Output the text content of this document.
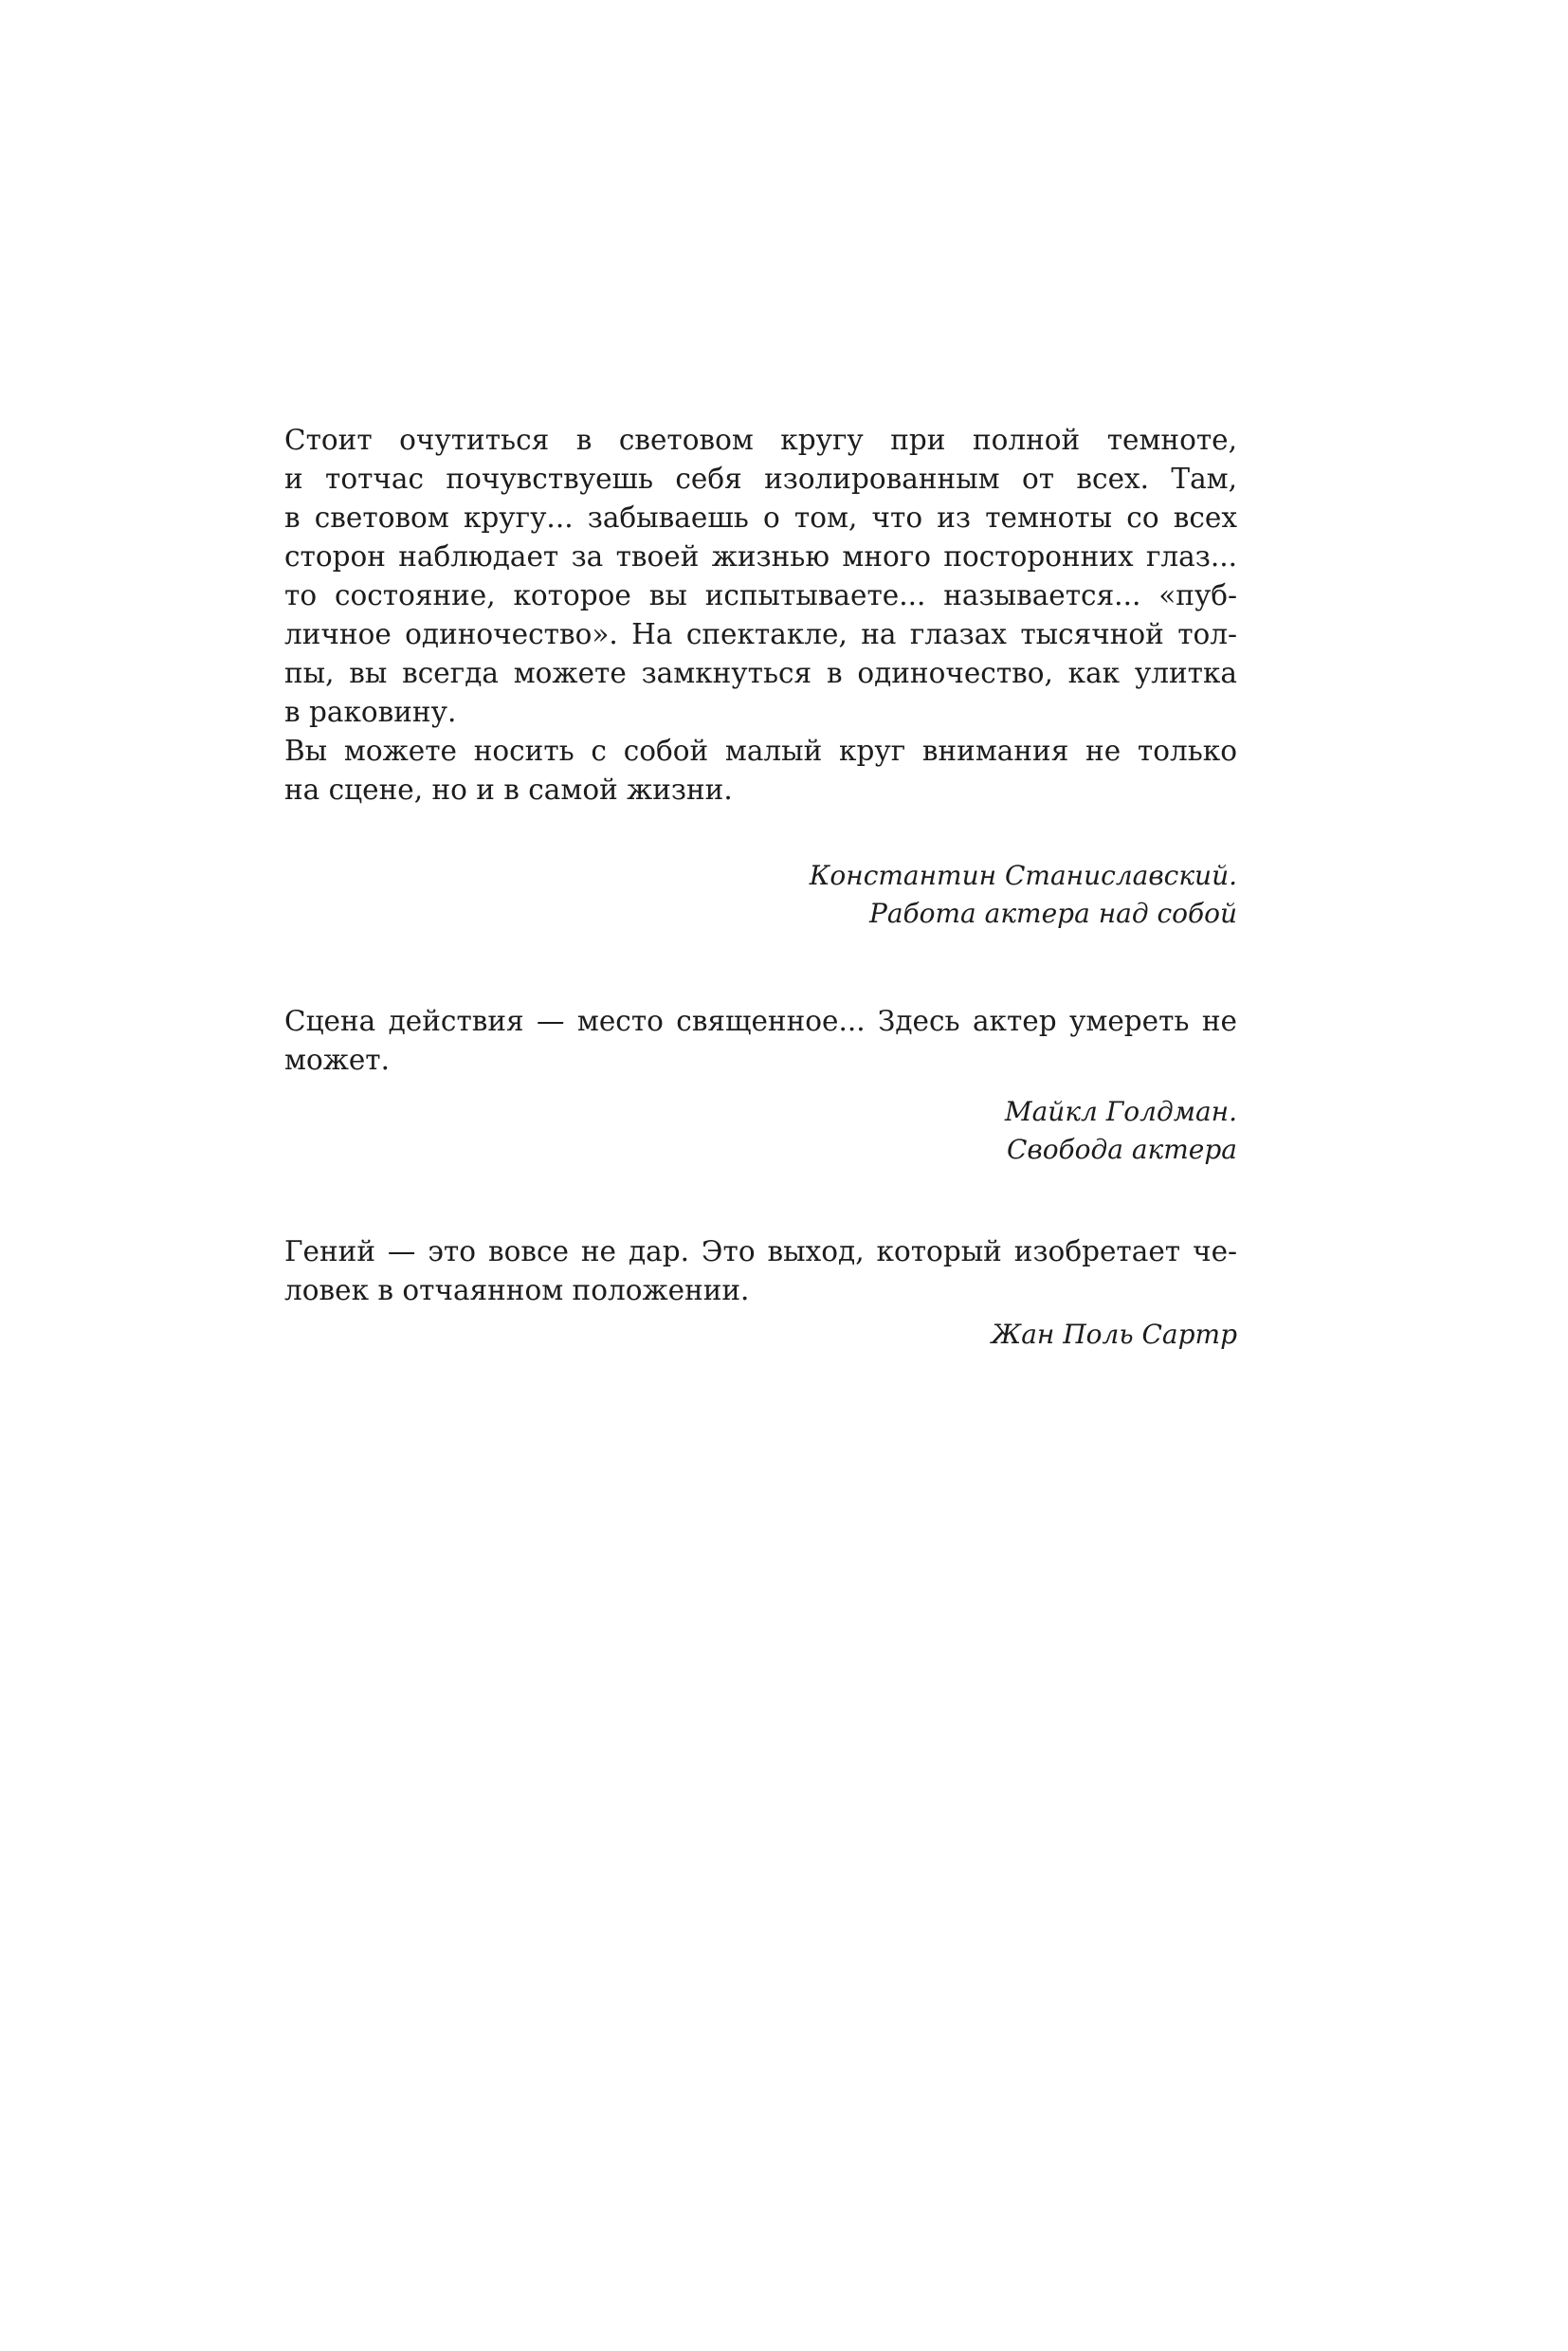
Стоит очутиться в световом кругу при полной темноте,
и тотчас почувствуешь себя изолированным от всех. Там,
в световом кругу... забываешь о том, что из темноты со всех
сторон наблюдает за твоей жизнью много посторонних глаз...
то состояние, которое вы испытываете... называется... «пуб-
личное одиночество». На спектакле, на глазах тысячной тол-
пы, вы всегда можете замкнуться в одиночество, как улитка
в раковину.
Вы можете носить с собой малый круг внимания не только
на сцене, но и в самой жизни.
Константин Станиславский.
Работа актера над собой
Сцена действия — место священное... Здесь актер умереть не
может.
Майкл Голдман.
Свобода актера
Гений — это вовсе не дар. Это выход, который изобретает че-
ловек в отчаянном положении.
Жан Поль Сартр
